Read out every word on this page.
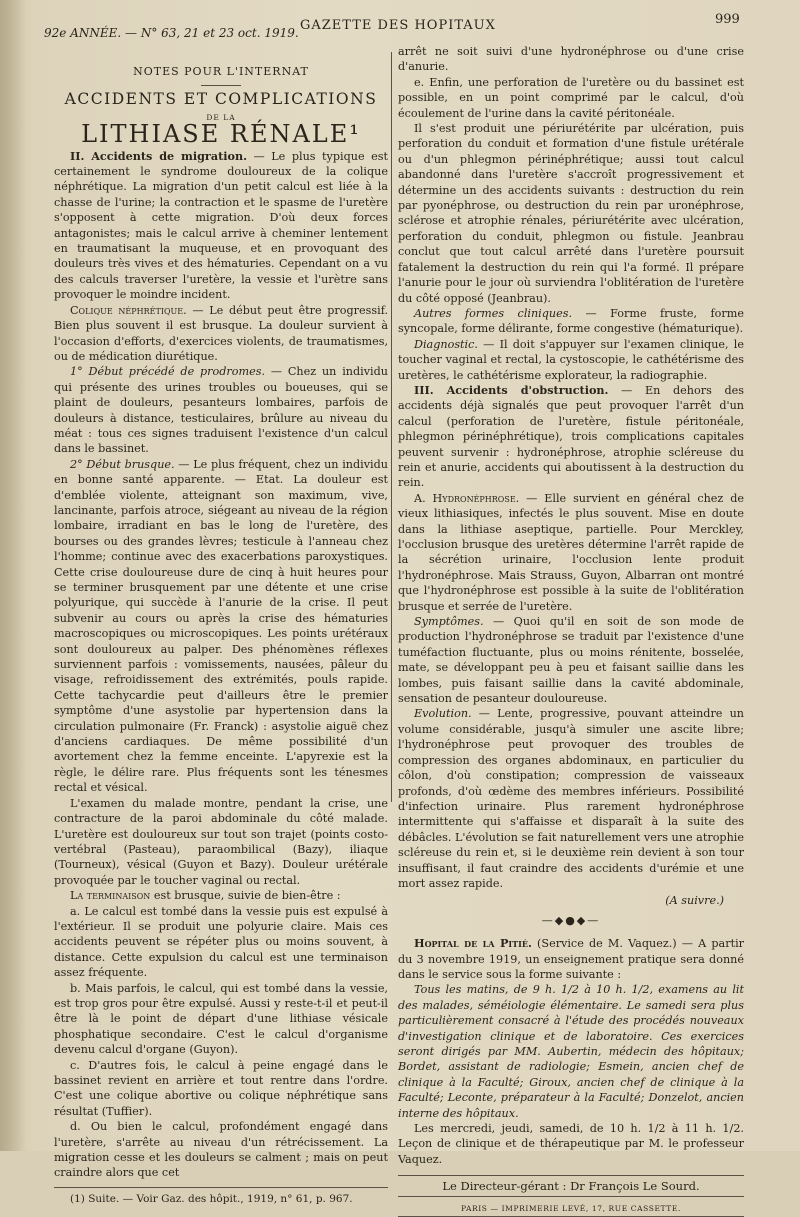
92e ANNÉE. — N° 63, 21 et 23 oct. 1919. GAZETTE DES HOPITAUX	999
NOTES POUR L'INTERNAT
ACCIDENTS ET COMPLICATIONS
DE LA
LITHIASE RÉNALE¹

II. Accidents de migration. — Le plus typique est certainement le syndrome douloureux de la colique néphrétique. La migration d'un petit calcul est liée à la chasse de l'urine; la contraction et le spasme de l'uretère s'opposent à cette migration. D'où deux forces antagonistes; mais le calcul arrive à cheminer lentement en traumatisant la muqueuse, et en provoquant des douleurs très vives et des hématuries. Cependant on a vu des calculs traverser l'uretère, la vessie et l'urètre sans provoquer le moindre incident.

Colique néphrétique. — Le début peut être progressif. Bien plus souvent il est brusque. La douleur survient à l'occasion d'efforts, d'exercices violents, de traumatismes, ou de médication diurétique.

1° Début précédé de prodromes. — Chez un individu qui présente des urines troubles ou boueuses, qui se plaint de douleurs, pesanteurs lombaires, parfois de douleurs à distance, testiculaires, brûlure au niveau du méat : tous ces signes traduisent l'existence d'un calcul dans le bassinet.

2° Début brusque. — Le plus fréquent, chez un individu en bonne santé apparente. — Etat. La douleur est d'emblée violente, atteignant son maximum, vive, lancinante, parfois atroce, siégeant au niveau de la région lombaire, irradiant en bas le long de l'uretère, des bourses ou des grandes lèvres; testicule à l'anneau chez l'homme; continue avec des exacerbations paroxystiques. Cette crise douloureuse dure de cinq à huit heures pour se terminer brusquement par une détente et une crise polyurique, qui succède à l'anurie de la crise. Il peut subvenir au cours ou après la crise des hématuries macroscopiques ou microscopiques. Les points urétéraux sont douloureux au palper. Des phénomènes réflexes surviennent parfois : vomissements, nausées, pâleur du visage, refroidissement des extrémités, pouls rapide. Cette tachycardie peut d'ailleurs être le premier symptôme d'une asystolie par hypertension dans la circulation pulmonaire (Fr. Franck) : asystolie aiguë chez d'anciens cardiaques. De même possibilité d'un avortement chez la femme enceinte. L'apyrexie est la règle, le délire rare. Plus fréquents sont les ténesmes rectal et vésical.

L'examen du malade montre, pendant la crise, une contracture de la paroi abdominale du côté malade. L'uretère est douloureux sur tout son trajet (points costo-vertébral (Pasteau), paraombilical (Bazy), iliaque (Tourneux), vésical (Guyon et Bazy). Douleur urétérale provoquée par le toucher vaginal ou rectal.

La terminaison est brusque, suivie de bien-être :

a. Le calcul est tombé dans la vessie puis est expulsé à l'extérieur. Il se produit une polyurie claire. Mais ces accidents peuvent se répéter plus ou moins souvent, à distance. Cette expulsion du calcul est une terminaison assez fréquente.

b. Mais parfois, le calcul, qui est tombé dans la vessie, est trop gros pour être expulsé. Aussi y reste-t-il et peut-il être là le point de départ d'une lithiase vésicale phosphatique secondaire. C'est le calcul d'organisme devenu calcul d'organe (Guyon).

c. D'autres fois, le calcul à peine engagé dans le bassinet revient en arrière et tout rentre dans l'ordre. C'est une colique abortive ou colique néphrétique sans résultat (Tuffier).

d. Ou bien le calcul, profondément engagé dans l'uretère, s'arrête au niveau d'un rétrécissement. La migration cesse et les douleurs se calment ; mais on peut craindre alors que cet

(1) Suite. — Voir Gaz. des hôpit., 1919, n° 61, p. 967.

arrêt ne soit suivi d'une hydronéphrose ou d'une crise d'anurie.

e. Enfin, une perforation de l'uretère ou du bassinet est possible, en un point comprimé par le calcul, d'où écoulement de l'urine dans la cavité péritonéale.

Il s'est produit une périurétérite par ulcération, puis perforation du conduit et formation d'une fistule urétérale ou d'un phlegmon périnéphrétique; aussi tout calcul abandonné dans l'uretère s'accroît progressivement et détermine un des accidents suivants : destruction du rein par pyonéphrose, ou destruction du rein par uronéphrose, sclérose et atrophie rénales, périurétérite avec ulcération, perforation du conduit, phlegmon ou fistule. Jeanbrau conclut que tout calcul arrêté dans l'uretère poursuit fatalement la destruction du rein qui l'a formé. Il prépare l'anurie pour le jour où surviendra l'oblitération de l'uretère du côté opposé (Jeanbrau).

Autres formes cliniques. — Forme fruste, forme syncopale, forme délirante, forme congestive (hématurique).

Diagnostic. — Il doit s'appuyer sur l'examen clinique, le toucher vaginal et rectal, la cystoscopie, le cathétérisme des uretères, le cathétérisme explorateur, la radiographie.

III. Accidents d'obstruction. — En dehors des accidents déjà signalés que peut provoquer l'arrêt d'un calcul (perforation de l'uretère, fistule péritonéale, phlegmon périnéphrétique), trois complications capitales peuvent survenir : hydronéphrose, atrophie scléreuse du rein et anurie, accidents qui aboutissent à la destruction du rein.

A. Hydronéphrose. — Elle survient en général chez de vieux lithiasiques, infectés le plus souvent. Mise en doute dans la lithiase aseptique, partielle. Pour Merckley, l'occlusion brusque des uretères détermine l'arrêt rapide de la sécrétion urinaire, l'occlusion lente produit l'hydronéphrose. Mais Strauss, Guyon, Albarran ont montré que l'hydronéphrose est possible à la suite de l'oblitération brusque et serrée de l'uretère.

Symptômes. — Quoi qu'il en soit de son mode de production l'hydronéphrose se traduit par l'existence d'une tuméfaction fluctuante, plus ou moins rénitente, bosselée, mate, se développant peu à peu et faisant saillie dans les lombes, puis faisant saillie dans la cavité abdominale, sensation de pesanteur douloureuse.

Evolution. — Lente, progressive, pouvant atteindre un volume considérable, jusqu'à simuler une ascite libre; l'hydronéphrose peut provoquer des troubles de compression des organes abdominaux, en particulier du côlon, d'où constipation; compression de vaisseaux profonds, d'où œdème des membres inférieurs. Possibilité d'infection urinaire. Plus rarement hydronéphrose intermittente qui s'affaisse et disparaît à la suite des débâcles. L'évolution se fait naturellement vers une atrophie scléreuse du rein et, si le deuxième rein devient à son tour insuffisant, il faut craindre des accidents d'urémie et une mort assez rapide.

(A suivre.)
—◆●◆—

Hopital de la Pitié. (Service de M. Vaquez.) — A partir du 3 novembre 1919, un enseignement pratique sera donné dans le service sous la forme suivante :

Tous les matins, de 9 h. 1/2 à 10 h. 1/2, examens au lit des malades, séméiologie élémentaire. Le samedi sera plus particulièrement consacré à l'étude des procédés nouveaux d'investigation clinique et de laboratoire. Ces exercices seront dirigés par MM. Aubertin, médecin des hôpitaux; Bordet, assistant de radiologie; Esmein, ancien chef de clinique à la Faculté; Giroux, ancien chef de clinique à la Faculté; Leconte, préparateur à la Faculté; Donzelot, ancien interne des hôpitaux.

Les mercredi, jeudi, samedi, de 10 h. 1/2 à 11 h. 1/2. Leçon de clinique et de thérapeutique par M. le professeur Vaquez.

Le Directeur-gérant : Dr François Le Sourd.
PARIS — IMPRIMERIE LEVÉ, 17, RUE CASSETTE.
